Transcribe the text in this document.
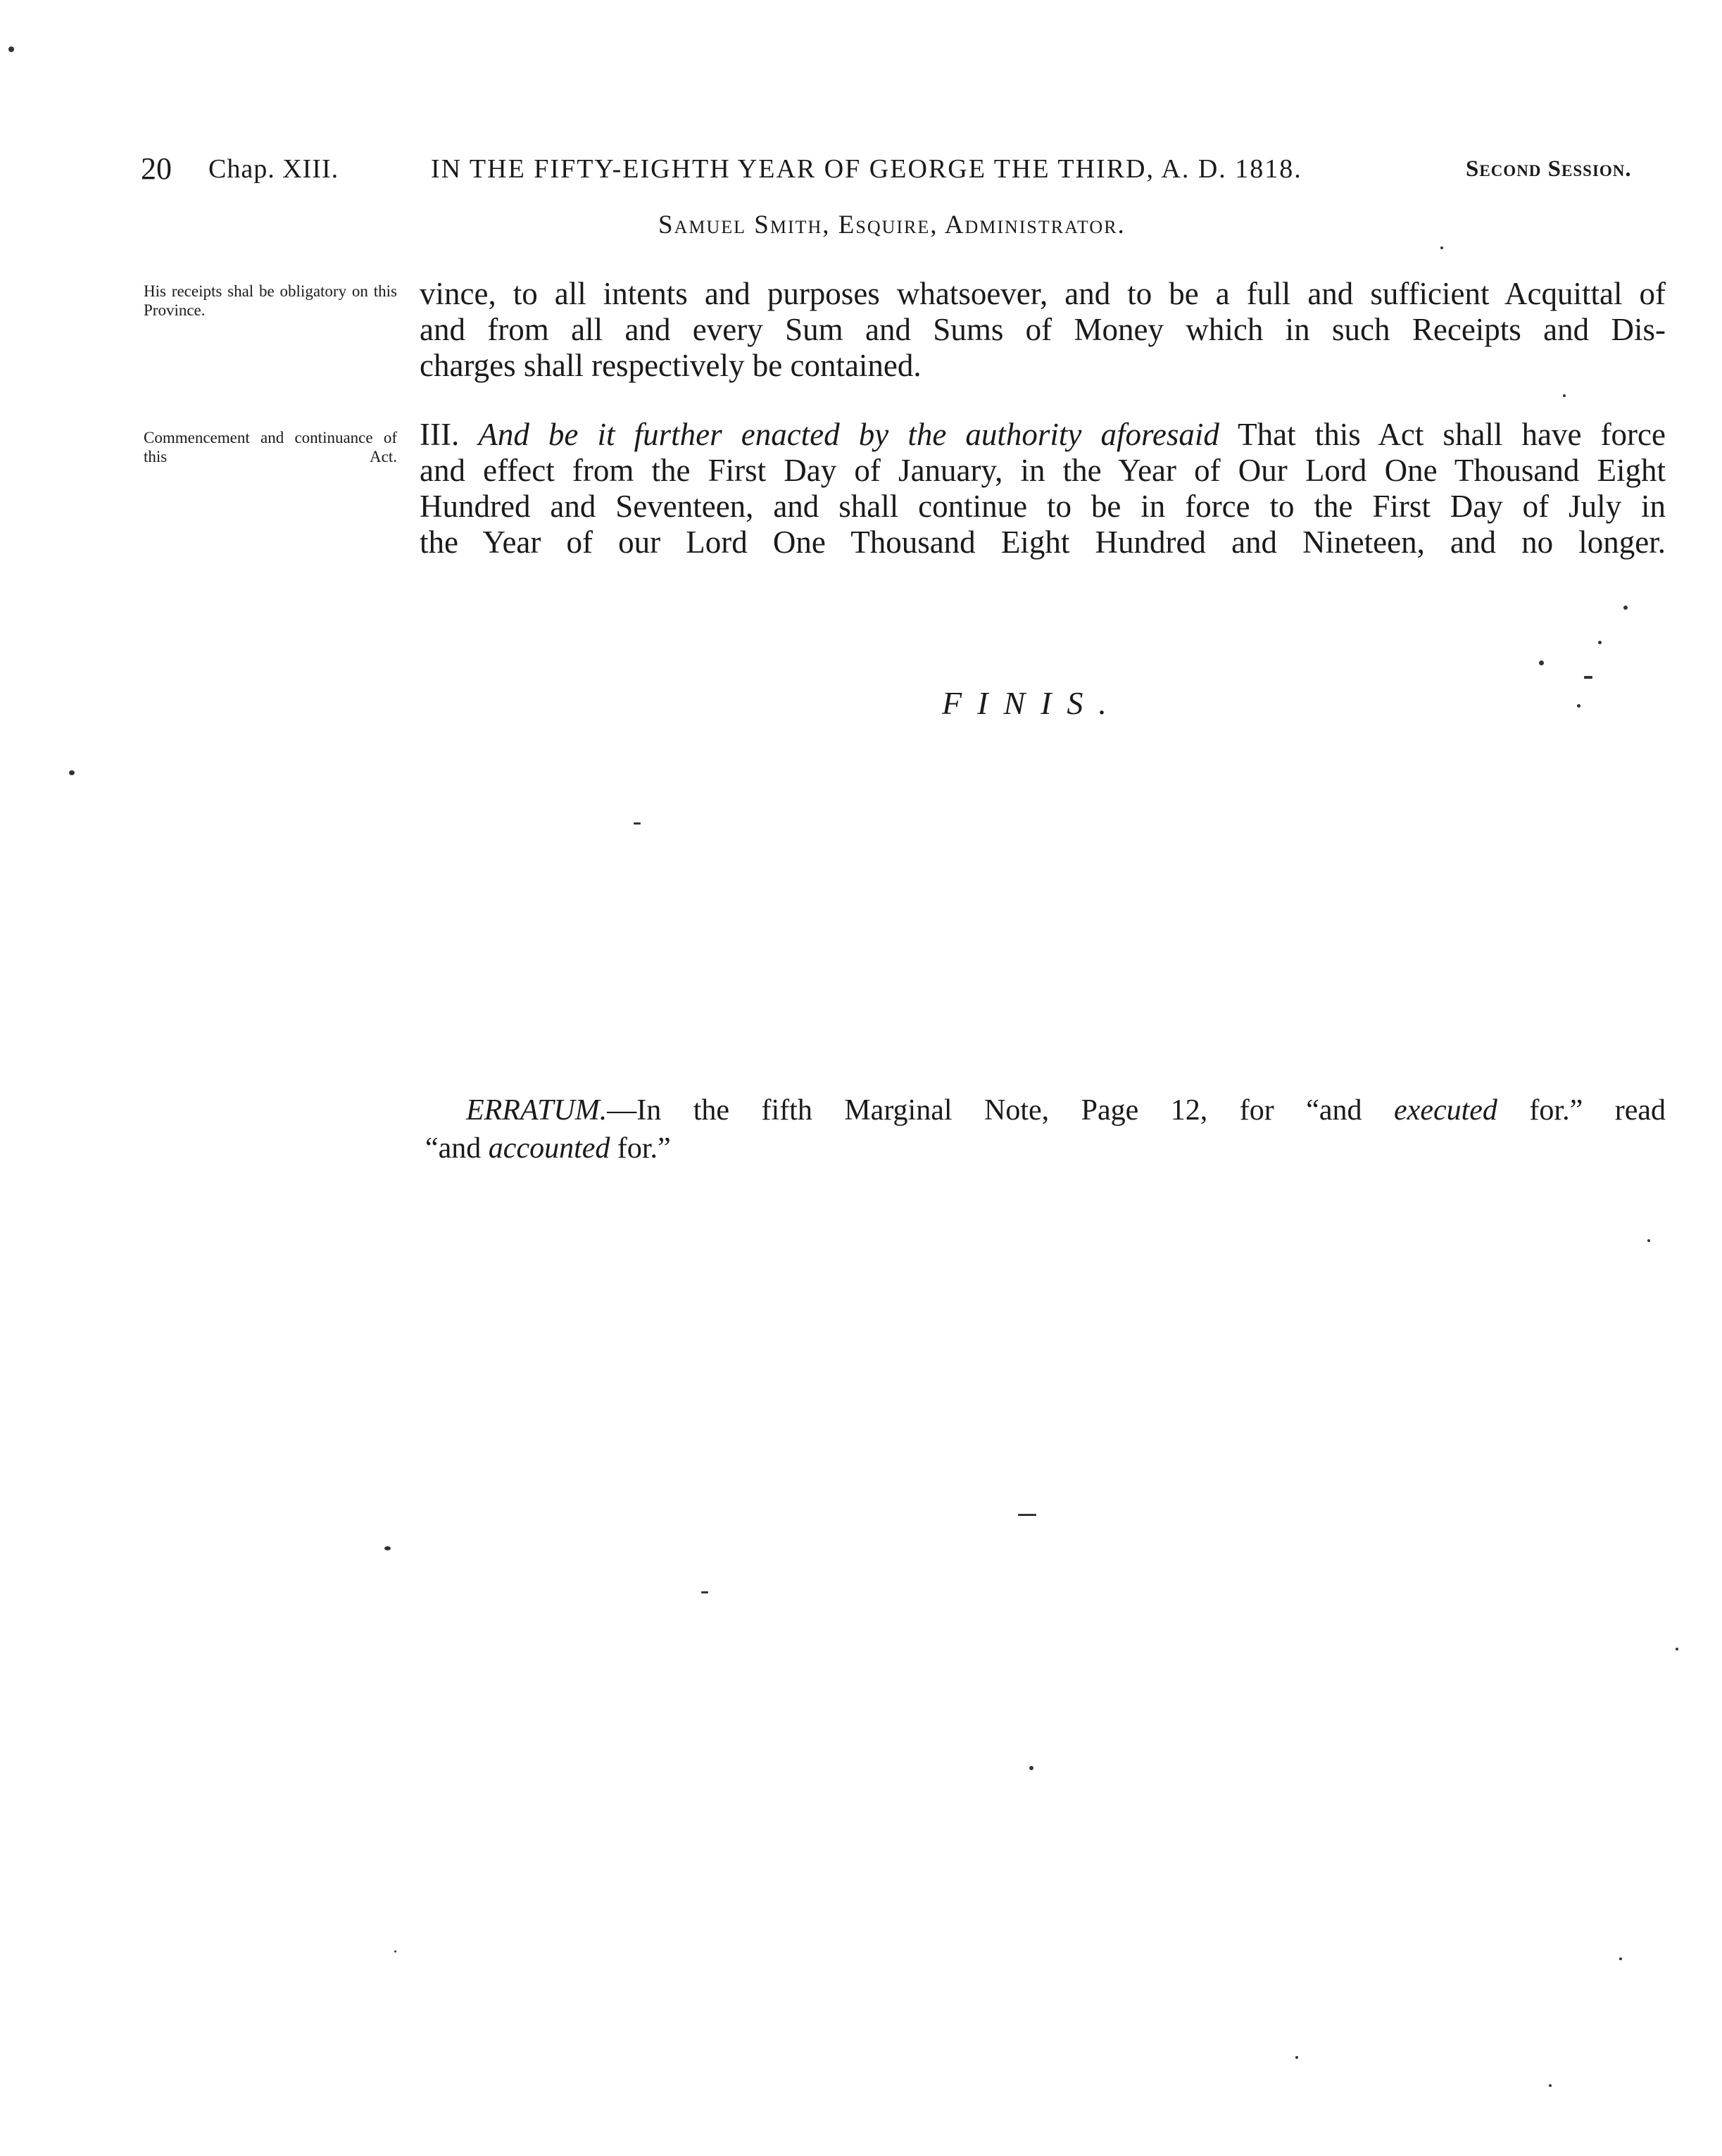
20 Chap. XIII.	IN THE FIFTY-EIGHTH YEAR OF GEORGE THE THIRD, A. D. 1818.	Second Session.
Samuel Smith, Esquire, Administrator.
His receipts shal be obligatory on this Province.
Commencement and continuance of this Act.
vince, to all intents and purposes whatsoever, and to be a full and sufficient Acquittal of
and from all and every Sum and Sums of Money which in such Receipts and Dis-
charges shall respectively be contained.
III. And be it further enacted by the authority aforesaid That this Act shall have force
and effect from the First Day of January, in the Year of Our Lord One Thousand Eight
Hundred and Seventeen, and shall continue to be in force to the First Day of July in
the Year of our Lord One Thousand Eight Hundred and Nineteen, and no longer.
FINIS.
ERRATUM.—In the fifth Marginal Note, Page 12, for “and executed for.” read
“and accounted for.”
